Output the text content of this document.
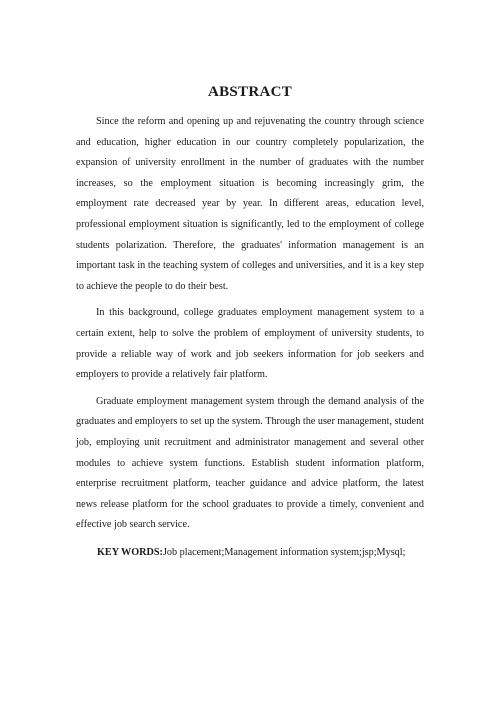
ABSTRACT

Since the reform and opening up and rejuvenating the country through science and education, higher education in our country completely popularization, the expansion of university enrollment in the number of graduates with the number increases, so the employment situation is becoming increasingly grim, the employment rate decreased year by year. In different areas, education level, professional employment situation is significantly, led to the employment of college students polarization. Therefore, the graduates' information management is an important task in the teaching system of colleges and universities, and it is a key step to achieve the people to do their best.

In this background, college graduates employment management system to a certain extent, help to solve the problem of employment of university students, to provide a reliable way of work and job seekers information for job seekers and employers to provide a relatively fair platform.

Graduate employment management system through the demand analysis of the graduates and employers to set up the system. Through the user management, student job, employing unit recruitment and administrator management and several other modules to achieve system functions. Establish student information platform, enterprise recruitment platform, teacher guidance and advice platform, the latest news release platform for the school graduates to provide a timely, convenient and effective job search service.

KEY WORDS:Job placement;Management information system;jsp;Mysql;
